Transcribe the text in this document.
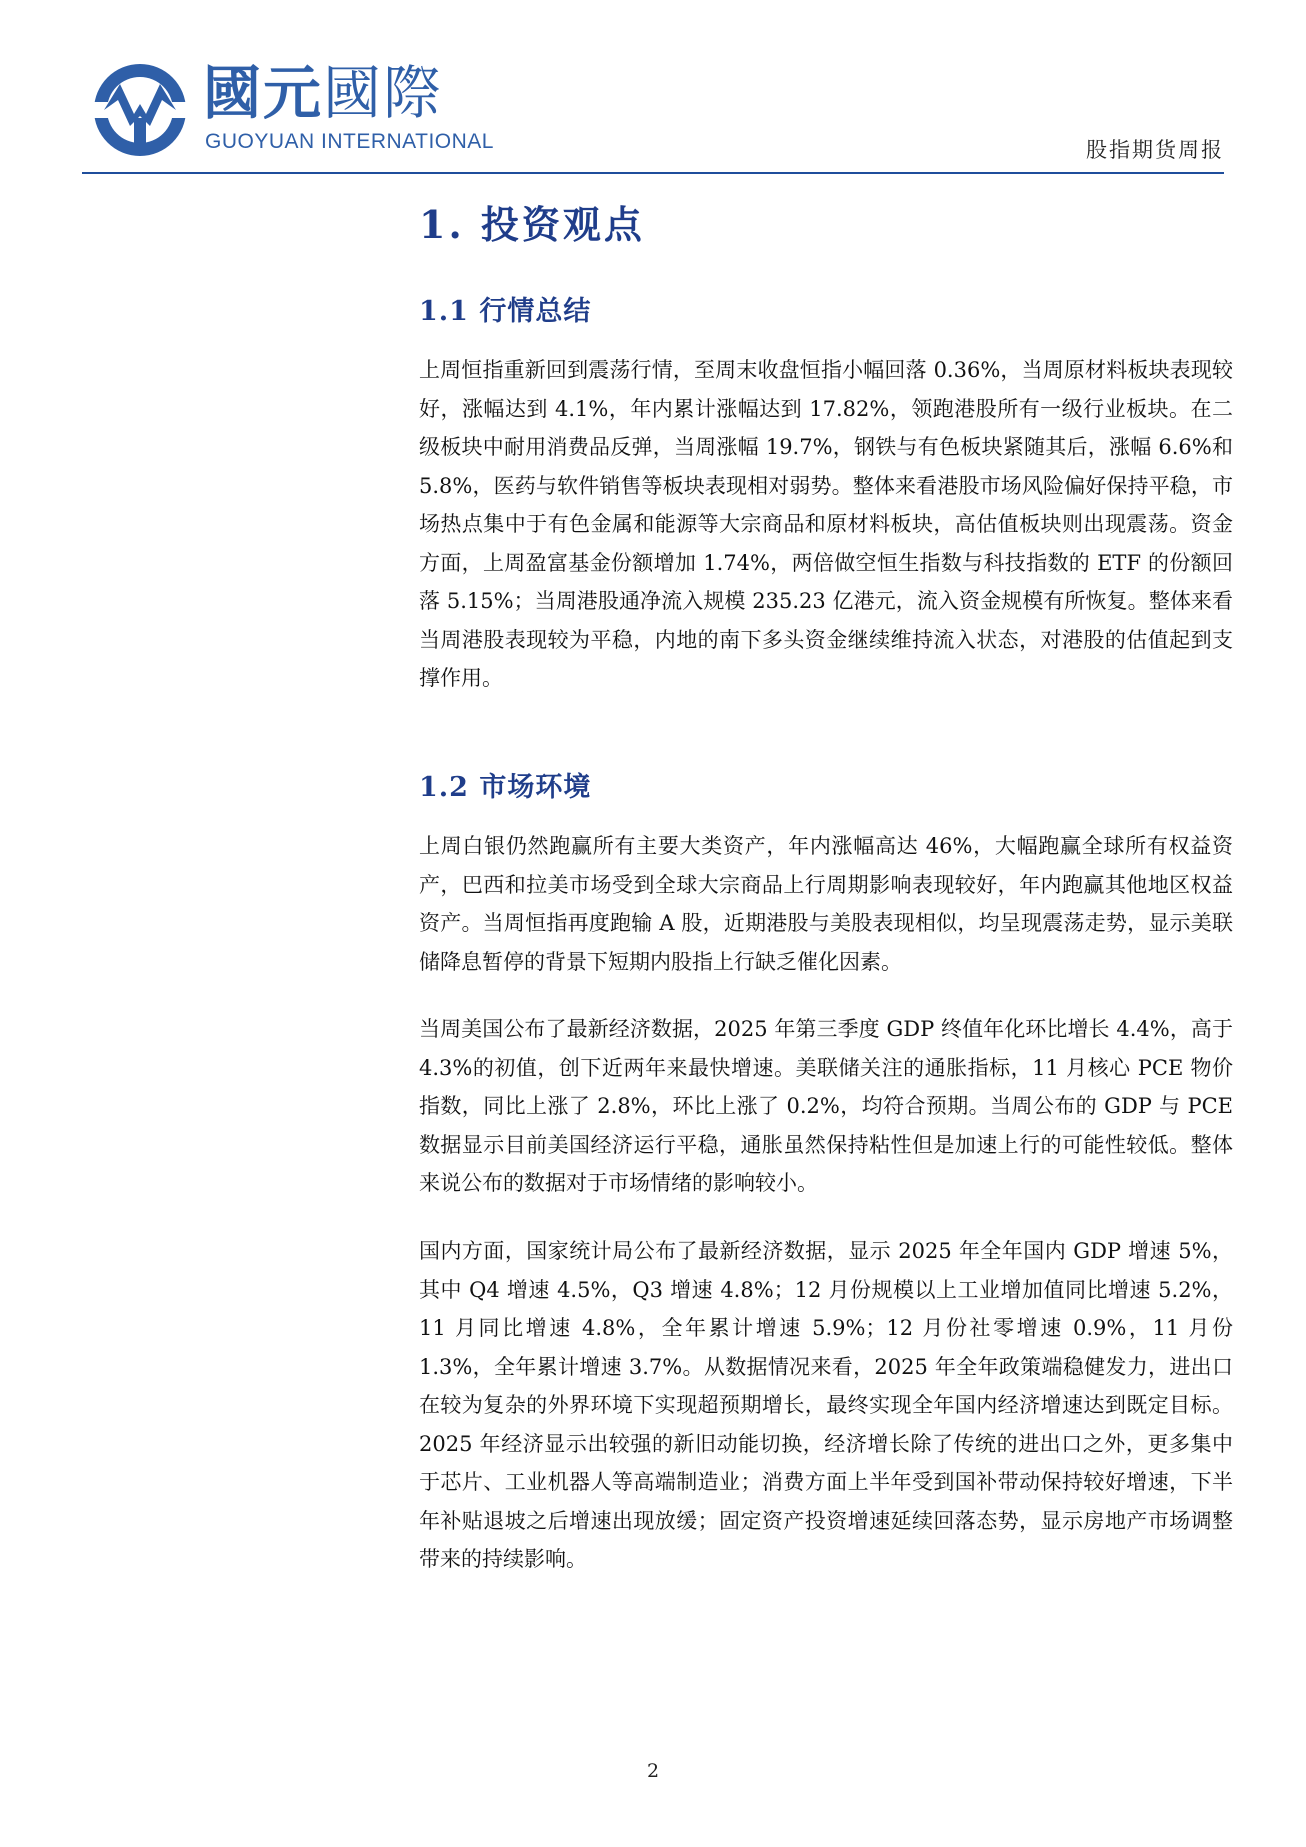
國元國際
GUOYUAN INTERNATIONAL	股指期货周报
1. 投资观点
1.1 行情总结

上周恒指重新回到震荡行情，至周末收盘恒指小幅回落 0.36%，当周原材料板块表现较好，涨幅达到 4.1%，年内累计涨幅达到 17.82%，领跑港股所有一级行业板块。在二级板块中耐用消费品反弹，当周涨幅 19.7%，钢铁与有色板块紧随其后，涨幅 6.6%和 5.8%，医药与软件销售等板块表现相对弱势。整体来看港股市场风险偏好保持平稳，市场热点集中于有色金属和能源等大宗商品和原材料板块，高估值板块则出现震荡。资金方面，上周盈富基金份额增加 1.74%，两倍做空恒生指数与科技指数的 ETF 的份额回落 5.15%；当周港股通净流入规模 235.23 亿港元，流入资金规模有所恢复。整体来看当周港股表现较为平稳，内地的南下多头资金继续维持流入状态，对港股的估值起到支撑作用。

1.2 市场环境

上周白银仍然跑赢所有主要大类资产，年内涨幅高达 46%，大幅跑赢全球所有权益资产，巴西和拉美市场受到全球大宗商品上行周期影响表现较好，年内跑赢其他地区权益资产。当周恒指再度跑输 A 股，近期港股与美股表现相似，均呈现震荡走势，显示美联储降息暂停的背景下短期内股指上行缺乏催化因素。

当周美国公布了最新经济数据，2025 年第三季度 GDP 终值年化环比增长 4.4%，高于 4.3%的初值，创下近两年来最快增速。美联储关注的通胀指标，11 月核心 PCE 物价指数，同比上涨了 2.8%，环比上涨了 0.2%，均符合预期。当周公布的 GDP 与 PCE 数据显示目前美国经济运行平稳，通胀虽然保持粘性但是加速上行的可能性较低。整体来说公布的数据对于市场情绪的影响较小。

国内方面，国家统计局公布了最新经济数据，显示 2025 年全年国内 GDP 增速 5%，其中 Q4 增速 4.5%，Q3 增速 4.8%；12 月份规模以上工业增加值同比增速 5.2%，11 月同比增速 4.8%，全年累计增速 5.9%；12 月份社零增速 0.9%，11 月份 1.3%，全年累计增速 3.7%。从数据情况来看，2025 年全年政策端稳健发力，进出口在较为复杂的外界环境下实现超预期增长，最终实现全年国内经济增速达到既定目标。2025 年经济显示出较强的新旧动能切换，经济增长除了传统的进出口之外，更多集中于芯片、工业机器人等高端制造业；消费方面上半年受到国补带动保持较好增速，下半年补贴退坡之后增速出现放缓；固定资产投资增速延续回落态势，显示房地产市场调整带来的持续影响。

2
